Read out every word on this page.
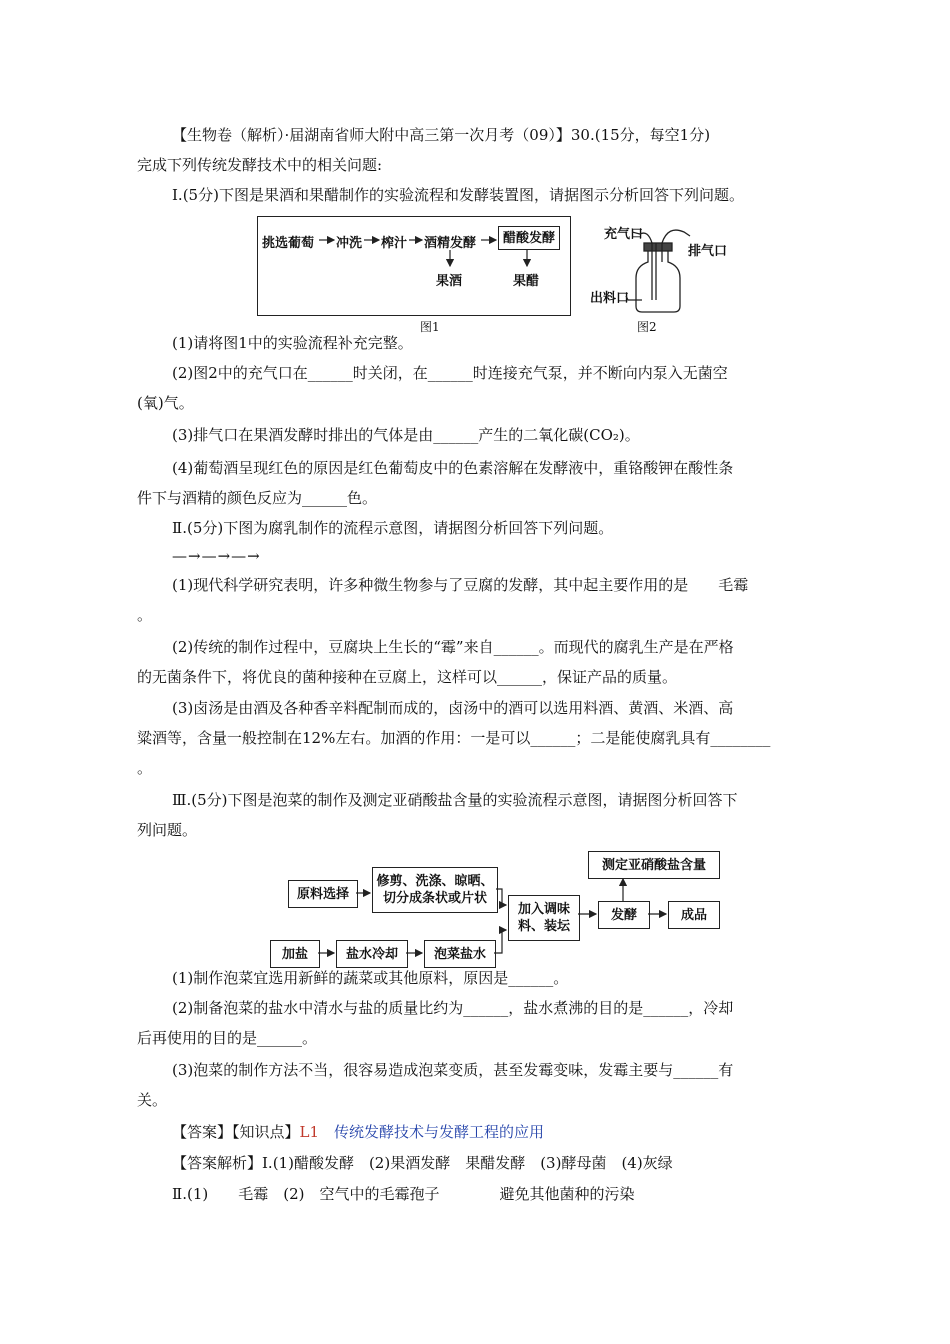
【生物卷（解析）·届湖南省师大附中高三第一次月考（09）】30.(15分，每空1分)
完成下列传统发酵技术中的相关问题:
Ⅰ.(5分)下图是果酒和果醋制作的实验流程和发酵装置图，请据图示分析回答下列问题。
挑选葡萄 冲洗 榨汁 酒精发酵	醋酸发酵
果酒	果醋
图1
充气口
排气口
出料口
图2
(1)请将图1中的实验流程补充完整。
(2)图2中的充气口在______时关闭，在______时连接充气泵，并不断向内泵入无菌空
(氧)气。
(3)排气口在果酒发酵时排出的气体是由______产生的二氧化碳(CO₂)。
(4)葡萄酒呈现红色的原因是红色葡萄皮中的色素溶解在发酵液中，重铬酸钾在酸性条
件下与酒精的颜色反应为______色。
Ⅱ.(5分)下图为腐乳制作的流程示意图，请据图分析回答下列问题。
—→—→—→
(1)现代科学研究表明，许多种微生物参与了豆腐的发酵，其中起主要作用的是　　毛霉
。
(2)传统的制作过程中，豆腐块上生长的“霉”来自______。而现代的腐乳生产是在严格
的无菌条件下，将优良的菌种接种在豆腐上，这样可以______，保证产品的质量。
(3)卤汤是由酒及各种香辛料配制而成的，卤汤中的酒可以选用料酒、黄酒、米酒、高
粱酒等，含量一般控制在12%左右。加酒的作用：一是可以______；二是能使腐乳具有________
。
Ⅲ.(5分)下图是泡菜的制作及测定亚硝酸盐含量的实验流程示意图，请据图分析回答下
列问题。
原料选择
修剪、洗涤、晾晒、切分成条状或片状
加入调味料、装坛
发酵	成品
测定亚硝酸盐含量
加盐	盐水冷却	泡菜盐水
(1)制作泡菜宜选用新鲜的蔬菜或其他原料，原因是______。
(2)制备泡菜的盐水中清水与盐的质量比约为______，盐水煮沸的目的是______，冷却
后再使用的目的是______。
(3)泡菜的制作方法不当，很容易造成泡菜变质，甚至发霉变味，发霉主要与______有
关。
【答案】【知识点】L1　 传统发酵技术与发酵工程的应用
【答案解析】Ⅰ.(1)醋酸发酵　(2)果酒发酵　果醋发酵　(3)酵母菌　(4)灰绿
Ⅱ.(1)　　毛霉　(2)　空气中的毛霉孢子　　　　避免其他菌种的污染
